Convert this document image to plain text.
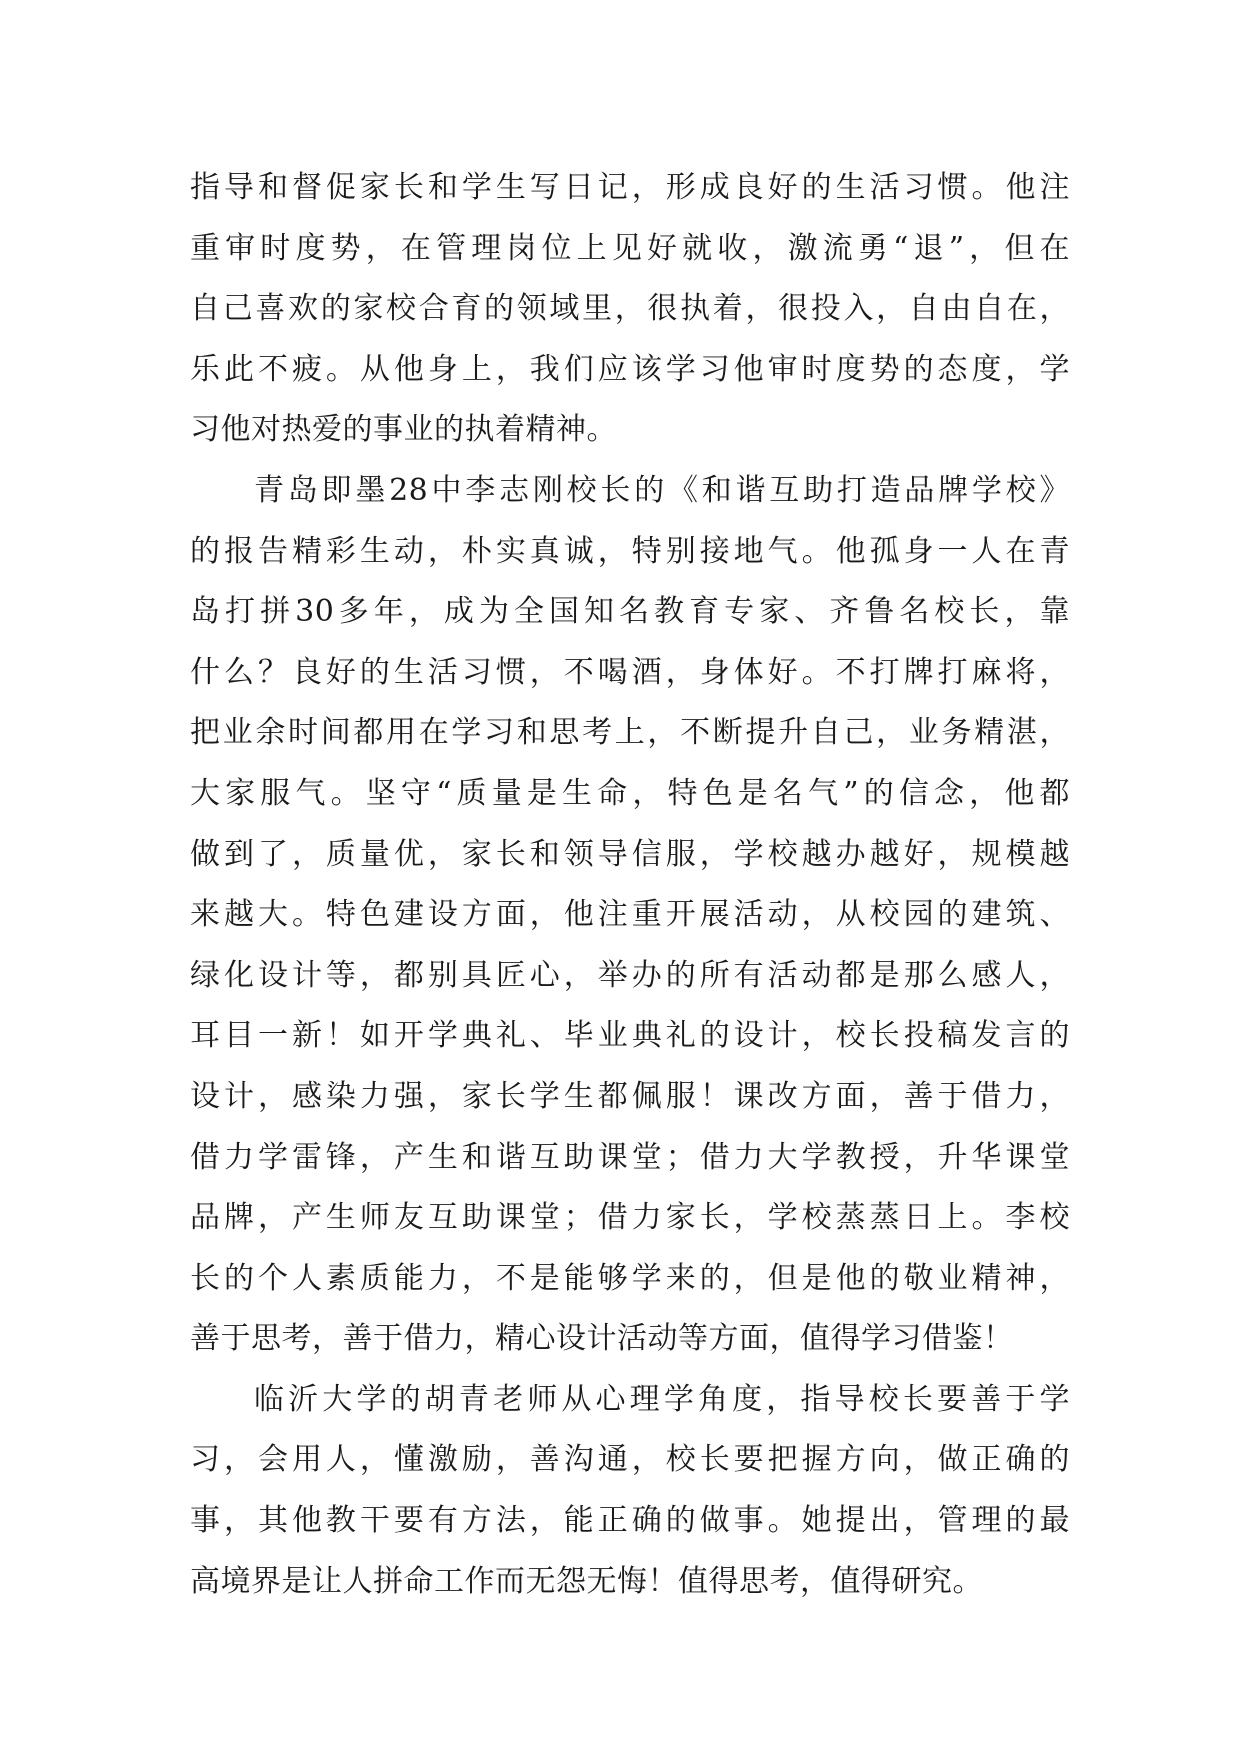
指导和督促家长和学生写日记，形成良好的生活习惯。他注
重审时度势，在管理岗位上见好就收，激流勇“退”，但在
自己喜欢的家校合育的领域里，很执着，很投入，自由自在，
乐此不疲。从他身上，我们应该学习他审时度势的态度，学
习他对热爱的事业的执着精神。
青岛即墨28中李志刚校长的《和谐互助打造品牌学校》
的报告精彩生动，朴实真诚，特别接地气。他孤身一人在青
岛打拼30多年，成为全国知名教育专家、齐鲁名校长，靠
什么？良好的生活习惯，不喝酒，身体好。不打牌打麻将，
把业余时间都用在学习和思考上，不断提升自己，业务精湛，
大家服气。坚守“质量是生命，特色是名气”的信念，他都
做到了，质量优，家长和领导信服，学校越办越好，规模越
来越大。特色建设方面，他注重开展活动，从校园的建筑、
绿化设计等，都别具匠心，举办的所有活动都是那么感人，
耳目一新！如开学典礼、毕业典礼的设计，校长投稿发言的
设计，感染力强，家长学生都佩服！课改方面，善于借力，
借力学雷锋，产生和谐互助课堂；借力大学教授，升华课堂
品牌，产生师友互助课堂；借力家长，学校蒸蒸日上。李校
长的个人素质能力，不是能够学来的，但是他的敬业精神，
善于思考，善于借力，精心设计活动等方面，值得学习借鉴！
临沂大学的胡青老师从心理学角度，指导校长要善于学
习，会用人，懂激励，善沟通，校长要把握方向，做正确的
事，其他教干要有方法，能正确的做事。她提出，管理的最
高境界是让人拼命工作而无怨无悔！值得思考，值得研究。
